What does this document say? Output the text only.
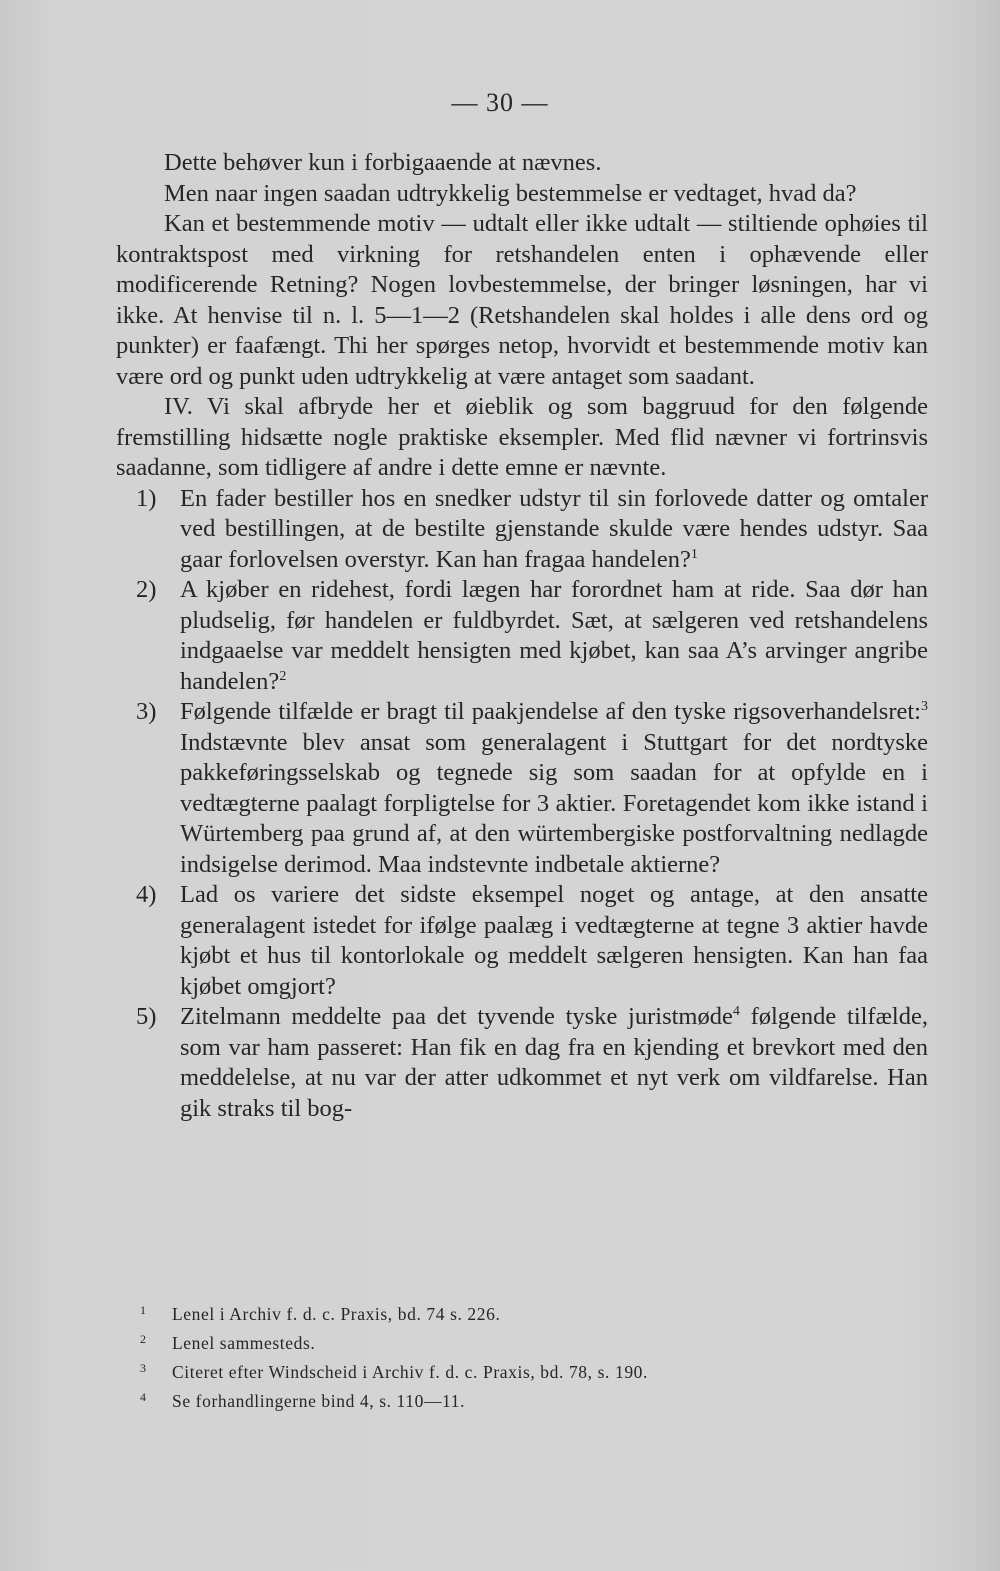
— 30 —

Dette behøver kun i forbigaaende at nævnes.

Men naar ingen saadan udtrykkelig bestemmelse er vedtaget, hvad da?

Kan et bestemmende motiv — udtalt eller ikke udtalt — stiltiende ophøies til kontraktspost med virkning for retshandelen enten i ophævende eller modificerende Retning? Nogen lovbestemmelse, der bringer løsningen, har vi ikke. At henvise til n. l. 5—1—2 (Retshandelen skal holdes i alle dens ord og punkter) er faafængt. Thi her spørges netop, hvorvidt et bestemmende motiv kan være ord og punkt uden udtrykkelig at være antaget som saadant.

IV. Vi skal afbryde her et øieblik og som baggruud for den følgende fremstilling hidsætte nogle praktiske eksempler. Med flid nævner vi fortrinsvis saadanne, som tidligere af andre i dette emne er nævnte.

1) En fader bestiller hos en snedker udstyr til sin forlovede datter og omtaler ved bestillingen, at de bestilte gjenstande skulde være hendes udstyr. Saa gaar forlovelsen overstyr. Kan han fragaa handelen?$^1$

2) A kjøber en ridehest, fordi lægen har forordnet ham at ride. Saa dør han pludselig, før handelen er fuldbyrdet. Sæt, at sælgeren ved retshandelens indgaaelse var meddelt hensigten med kjøbet, kan saa A’s arvinger angribe handelen?$^2$

3) Følgende tilfælde er bragt til paakjendelse af den tyske rigsoverhandelsret:$^3$ Indstævnte blev ansat som generalagent i Stuttgart for det nordtyske pakkeføringsselskab og tegnede sig som saadan for at opfylde en i vedtægterne paalagt forpligtelse for 3 aktier. Foretagendet kom ikke istand i Würtemberg paa grund af, at den würtembergiske postforvaltning nedlagde indsigelse derimod. Maa indstevnte indbetale aktierne?

4) Lad os variere det sidste eksempel noget og antage, at den ansatte generalagent istedet for ifølge paalæg i vedtægterne at tegne 3 aktier havde kjøbt et hus til kontorlokale og meddelt sælgeren hensigten. Kan han faa kjøbet omgjort?

5) Zitelmann meddelte paa det tyvende tyske juristmøde$^4$ følgende tilfælde, som var ham passeret: Han fik en dag fra en kjending et brevkort med den meddelelse, at nu var der atter udkommet et nyt verk om vildfarelse. Han gik straks til bog-

1 Lenel i Archiv f. d. c. Praxis, bd. 74 s. 226.
2 Lenel sammesteds.
3 Citeret efter Windscheid i Archiv f. d. c. Praxis, bd. 78, s. 190.
4 Se forhandlingerne bind 4, s. 110—11.
